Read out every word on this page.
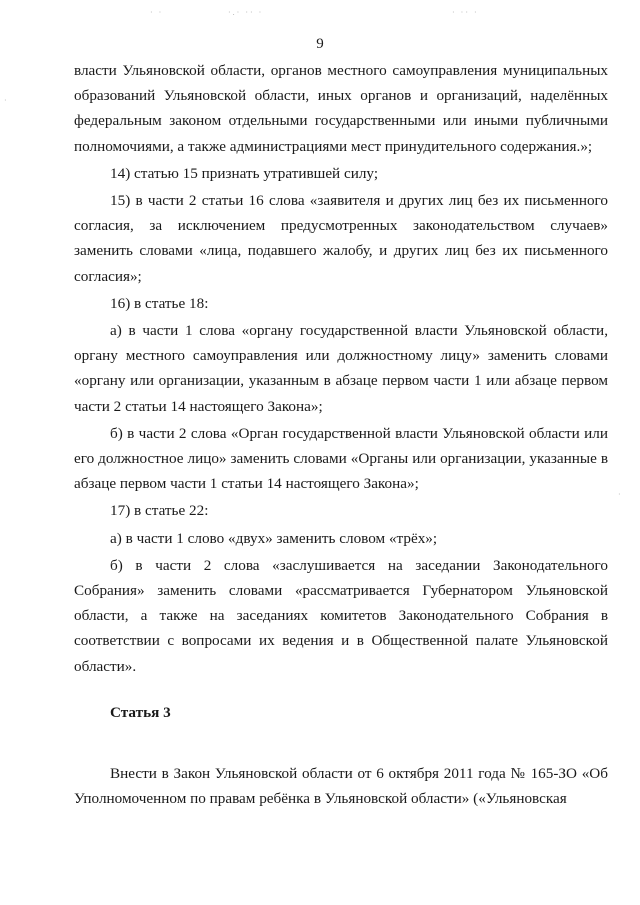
9

власти Ульяновской области, органов местного самоуправления муниципальных образований Ульяновской области, иных органов и организаций, наделённых федеральным законом отдельными государственными или иными публичными полномочиями, а также администрациями мест принудительного содержания.»;

14) статью 15 признать утратившей силу;

15) в части 2 статьи 16 слова «заявителя и других лиц без их письменного согласия, за исключением предусмотренных законодательством случаев» заменить словами «лица, подавшего жалобу, и других лиц без их письменного согласия»;

16) в статье 18:

а) в части 1 слова «органу государственной власти Ульяновской области, органу местного самоуправления или должностному лицу» заменить словами «органу или организации, указанным в абзаце первом части 1 или абзаце первом части 2 статьи 14 настоящего Закона»;

б) в части 2 слова «Орган государственной власти Ульяновской области или его должностное лицо» заменить словами «Органы или организации, указанные в абзаце первом части 1 статьи 14 настоящего Закона»;

17) в статье 22:

а) в части 1 слово «двух» заменить словом «трёх»;

б) в части 2 слова «заслушивается на заседании Законодательного Собрания» заменить словами «рассматривается Губернатором Ульяновской области, а также на заседаниях комитетов Законодательного Собрания в соответствии с вопросами их ведения и в Общественной палате Ульяновской области».

Статья 3

Внести в Закон Ульяновской области от 6 октября 2011 года № 165-ЗО «Об Уполномоченном по правам ребёнка в Ульяновской области» («Ульяновская

· ·	·.· ·· ·	· ·· ·
·
·
